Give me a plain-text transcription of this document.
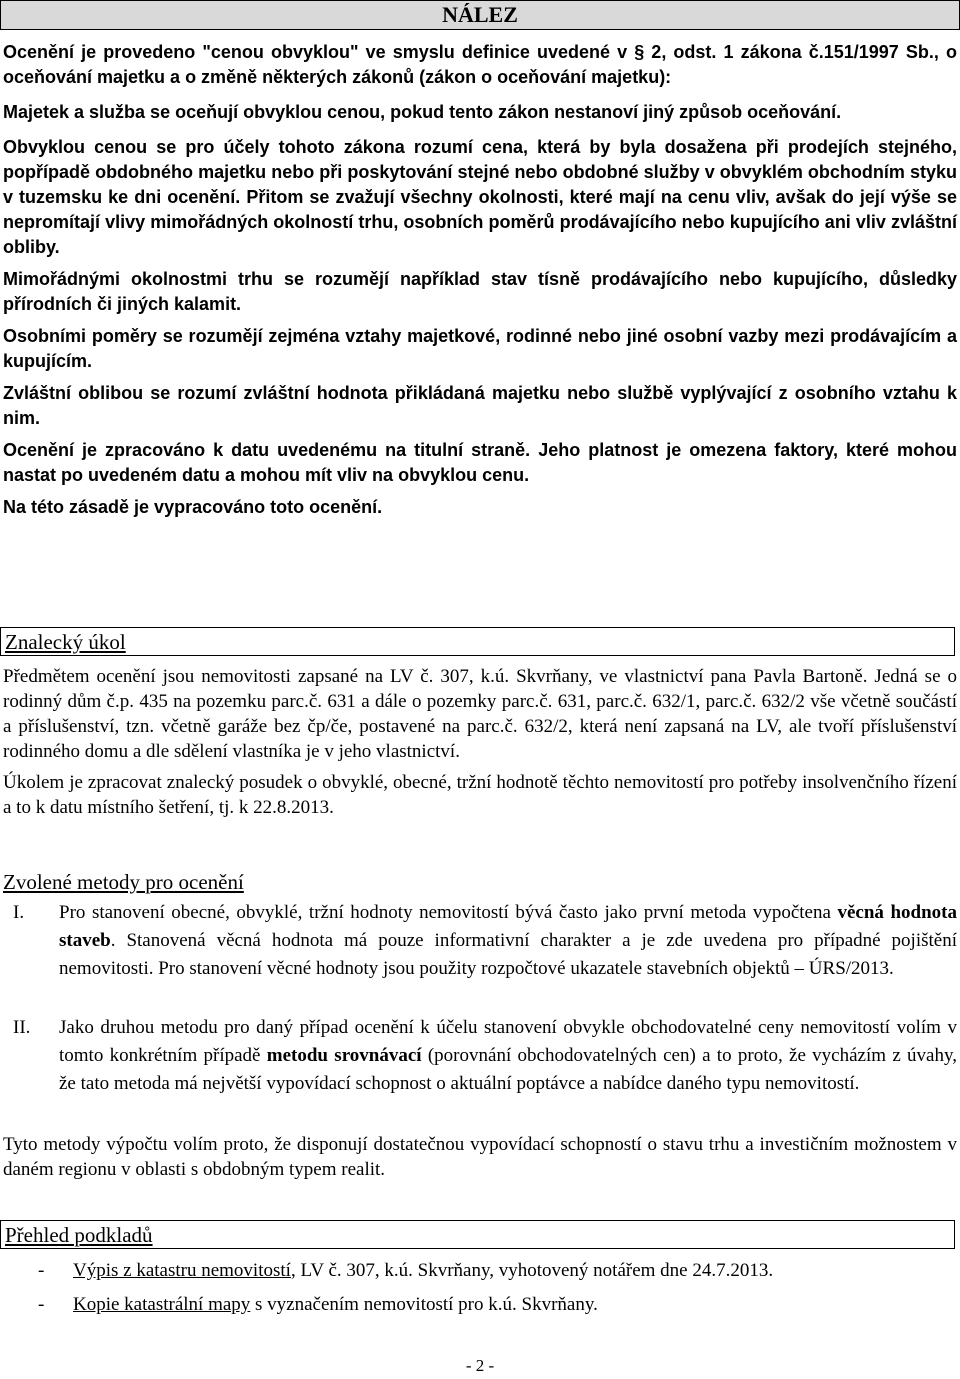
NÁLEZ

Ocenění je provedeno "cenou obvyklou" ve smyslu definice uvedené v § 2, odst. 1 zákona č.151/1997 Sb., o oceňování majetku a o změně některých zákonů (zákon o oceňování majetku):

Majetek a služba se oceňují obvyklou cenou, pokud tento zákon nestanoví jiný způsob oceňování.

Obvyklou cenou se pro účely tohoto zákona rozumí cena, která by byla dosažena při prodejích stejného, popřípadě obdobného majetku nebo při poskytování stejné nebo obdobné služby v obvyklém obchodním styku v tuzemsku ke dni ocenění. Přitom se zvažují všechny okolnosti, které mají na cenu vliv, avšak do její výše se nepromítají vlivy mimořádných okolností trhu, osobních poměrů prodávajícího nebo kupujícího ani vliv zvláštní obliby.

Mimořádnými okolnostmi trhu se rozumějí například stav tísně prodávajícího nebo kupujícího, důsledky přírodních či jiných kalamit.

Osobními poměry se rozumějí zejména vztahy majetkové, rodinné nebo jiné osobní vazby mezi prodávajícím a kupujícím.

Zvláštní oblibou se rozumí zvláštní hodnota přikládaná majetku nebo službě vyplývající z osobního vztahu k nim.

Ocenění je zpracováno k datu uvedenému na titulní straně. Jeho platnost je omezena faktory, které mohou nastat po uvedeném datu a mohou mít vliv na obvyklou cenu.

Na této zásadě je vypracováno toto ocenění.

Znalecký úkol

Předmětem ocenění jsou nemovitosti zapsané na LV č. 307, k.ú. Skvrňany, ve vlastnictví pana Pavla Bartoně. Jedná se o rodinný dům č.p. 435 na pozemku parc.č. 631 a dále o pozemky parc.č. 631, parc.č. 632/1, parc.č. 632/2 vše včetně součástí a příslušenství, tzn. včetně garáže bez čp/če, postavené na parc.č. 632/2, která není zapsaná na LV, ale tvoří příslušenství rodinného domu a dle sdělení vlastníka je v jeho vlastnictví.

Úkolem je zpracovat znalecký posudek o obvyklé, obecné, tržní hodnotě těchto nemovitostí pro potřeby insolvenčního řízení a to k datu místního šetření, tj. k 22.8.2013.

Zvolené metody pro ocenění
I.	Pro stanovení obecné, obvyklé, tržní hodnoty nemovitostí bývá často jako první metoda vypočtena věcná hodnota staveb. Stanovená věcná hodnota má pouze informativní charakter a je zde uvedena pro případné pojištění nemovitosti. Pro stanovení věcné hodnoty jsou použity rozpočtové ukazatele stavebních objektů – ÚRS/2013.
II.	Jako druhou metodu pro daný případ ocenění k účelu stanovení obvykle obchodovatelné ceny nemovitostí volím v tomto konkrétním případě metodu srovnávací (porovnání obchodovatelných cen) a to proto, že vycházím z úvahy, že tato metoda má největší vypovídací schopnost o aktuální poptávce a nabídce daného typu nemovitostí.

Tyto metody výpočtu volím proto, že disponují dostatečnou vypovídací schopností o stavu trhu a investičním možnostem v daném regionu v oblasti s obdobným typem realit.

Přehled podkladů
-	Výpis z katastru nemovitostí, LV č. 307, k.ú. Skvrňany, vyhotovený notářem dne 24.7.2013.
-	Kopie katastrální mapy s vyznačením nemovitostí pro k.ú. Skvrňany.
- 2 -
